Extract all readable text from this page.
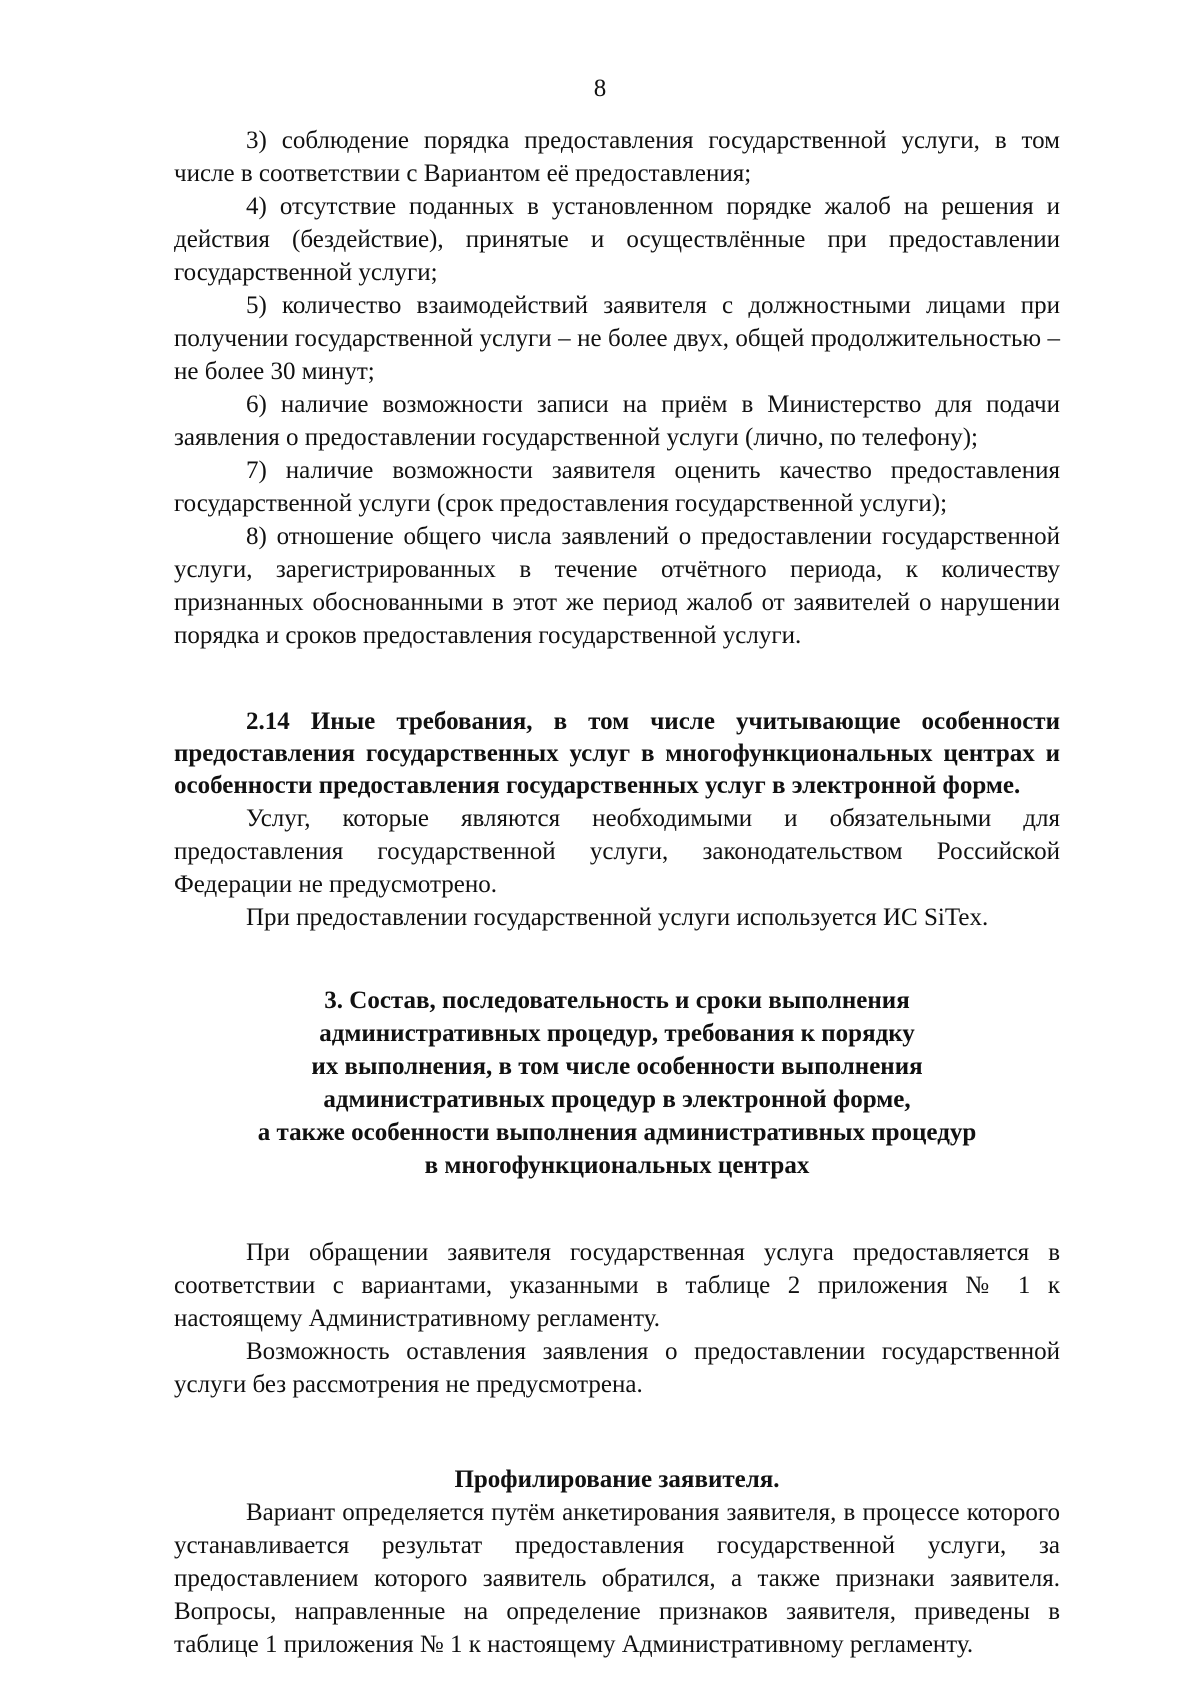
8

3) соблюдение порядка предоставления государственной услуги, в том числе в соответствии с Вариантом её предоставления;

4) отсутствие поданных в установленном порядке жалоб на решения и действия (бездействие), принятые и осуществлённые при предоставлении государственной услуги;

5) количество взаимодействий заявителя с должностными лицами при получении государственной услуги – не более двух, общей продолжительностью – не более 30 минут;

6) наличие возможности записи на приём в Министерство для подачи заявления о предоставлении государственной услуги (лично, по телефону);

7) наличие возможности заявителя оценить качество предоставления государственной услуги (срок предоставления государственной услуги);

8) отношение общего числа заявлений о предоставлении государственной услуги, зарегистрированных в течение отчётного периода, к количеству признанных обоснованными в этот же период жалоб от заявителей о нарушении порядка и сроков предоставления государственной услуги.

2.14 Иные требования, в том числе учитывающие особенности предоставления государственных услуг в многофункциональных центрах и особенности предоставления государственных услуг в электронной форме.

Услуг, которые являются необходимыми и обязательными для предоставления государственной услуги, законодательством Российской Федерации не предусмотрено.

При предоставлении государственной услуги используется ИС SiTex.

3. Состав, последовательность и сроки выполнения
административных процедур, требования к порядку
их выполнения, в том числе особенности выполнения
административных процедур в электронной форме,
а также особенности выполнения административных процедур
в многофункциональных центрах

При обращении заявителя государственная услуга предоставляется в соответствии с вариантами, указанными в таблице 2 приложения № 1 к настоящему Административному регламенту.

Возможность оставления заявления о предоставлении государственной услуги без рассмотрения не предусмотрена.

Профилирование заявителя.

Вариант определяется путём анкетирования заявителя, в процессе которого устанавливается результат предоставления государственной услуги, за предоставлением которого заявитель обратился, а также признаки заявителя. Вопросы, направленные на определение признаков заявителя, приведены в таблице 1 приложения № 1 к настоящему Административному регламенту.
